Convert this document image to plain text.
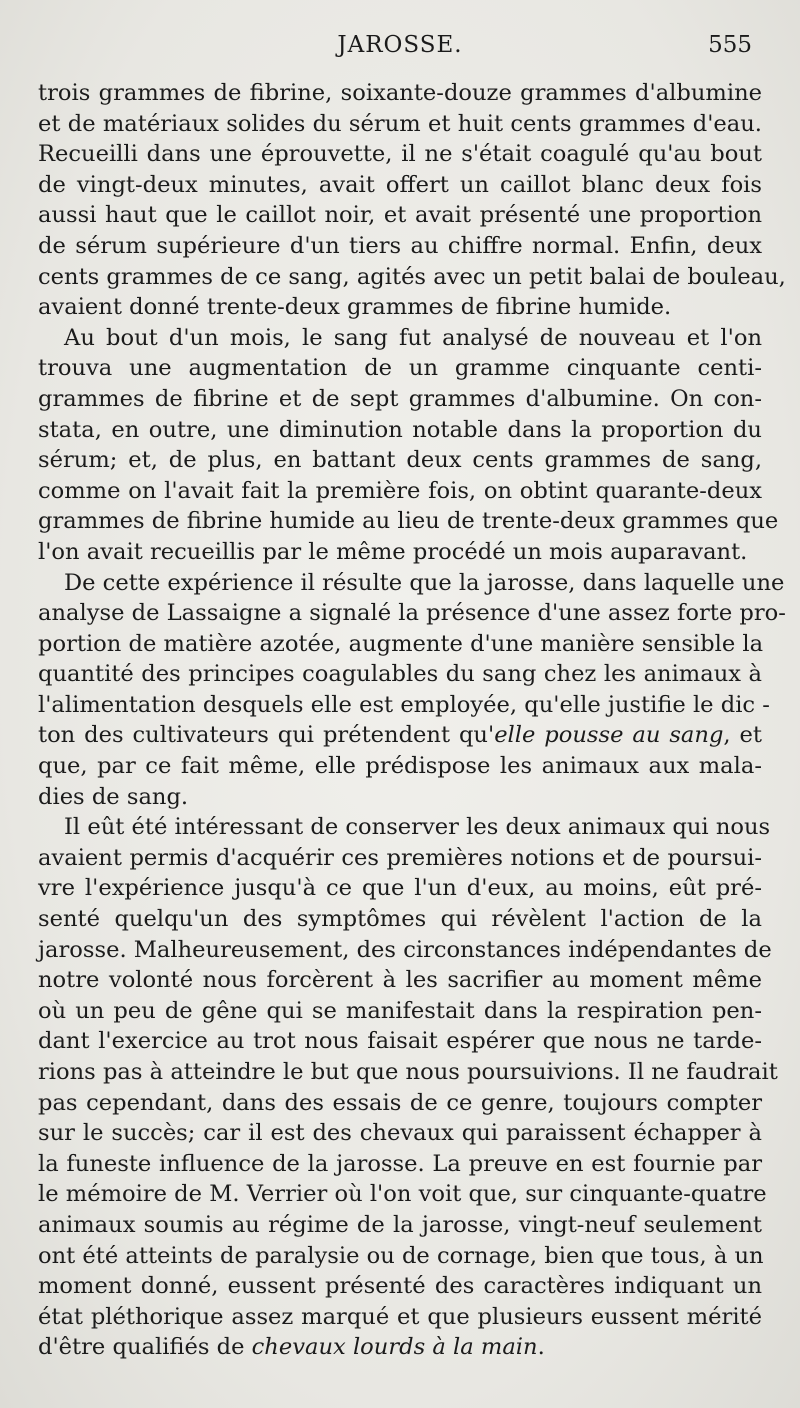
JAROSSE.	555
trois grammes de fibrine, soixante-douze grammes d'albumine
et de matériaux solides du sérum et huit cents grammes d'eau.
Recueilli dans une éprouvette, il ne s'était coagulé qu'au bout
de vingt-deux minutes, avait offert un caillot blanc deux fois
aussi haut que le caillot noir, et avait présenté une proportion
de sérum supérieure d'un tiers au chiffre normal. Enfin, deux
cents grammes de ce sang, agités avec un petit balai de bouleau,
avaient donné trente-deux grammes de fibrine humide.
Au bout d'un mois, le sang fut analysé de nouveau et l'on
trouva une augmentation de un gramme cinquante centi-
grammes de fibrine et de sept grammes d'albumine. On con-
stata, en outre, une diminution notable dans la proportion du
sérum; et, de plus, en battant deux cents grammes de sang,
comme on l'avait fait la première fois, on obtint quarante-deux
grammes de fibrine humide au lieu de trente-deux grammes que
l'on avait recueillis par le même procédé un mois auparavant.
De cette expérience il résulte que la jarosse, dans laquelle une
analyse de Lassaigne a signalé la présence d'une assez forte pro-
portion de matière azotée, augmente d'une manière sensible la
quantité des principes coagulables du sang chez les animaux à
l'alimentation desquels elle est employée, qu'elle justifie le dic -
ton des cultivateurs qui prétendent qu'elle pousse au sang, et
que, par ce fait même, elle prédispose les animaux aux mala-
dies de sang.
Il eût été intéressant de conserver les deux animaux qui nous
avaient permis d'acquérir ces premières notions et de poursui-
vre l'expérience jusqu'à ce que l'un d'eux, au moins, eût pré-
senté quelqu'un des symptômes qui révèlent l'action de la
jarosse. Malheureusement, des circonstances indépendantes de
notre volonté nous forcèrent à les sacrifier au moment même
où un peu de gêne qui se manifestait dans la respiration pen-
dant l'exercice au trot nous faisait espérer que nous ne tarde-
rions pas à atteindre le but que nous poursuivions. Il ne faudrait
pas cependant, dans des essais de ce genre, toujours compter
sur le succès; car il est des chevaux qui paraissent échapper à
la funeste influence de la jarosse. La preuve en est fournie par
le mémoire de M. Verrier où l'on voit que, sur cinquante-quatre
animaux soumis au régime de la jarosse, vingt-neuf seulement
ont été atteints de paralysie ou de cornage, bien que tous, à un
moment donné, eussent présenté des caractères indiquant un
état pléthorique assez marqué et que plusieurs eussent mérité
d'être qualifiés de chevaux lourds à la main.
